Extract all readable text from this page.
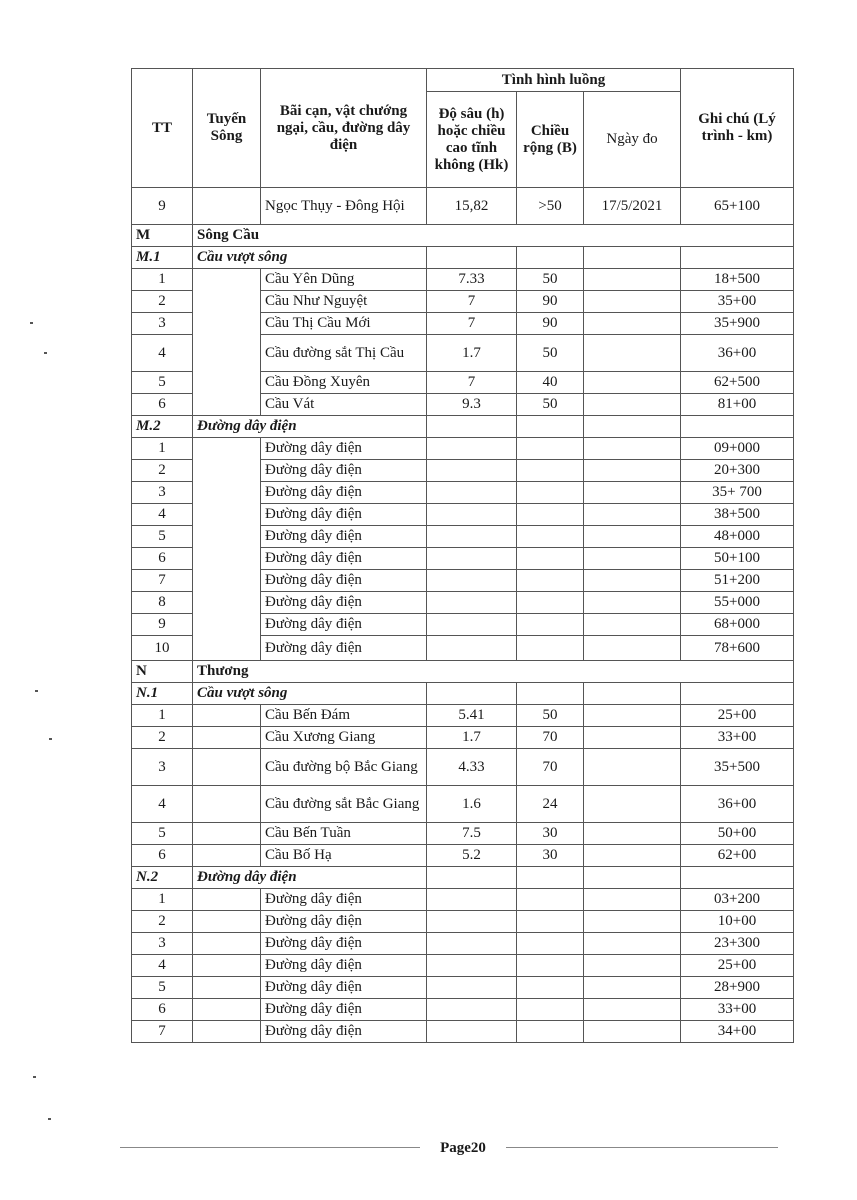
TT	Tuyến Sông	Bãi cạn, vật chướng ngại, cầu, đường dây điện	Tình hình luồng			Ghi chú (Lý trình - km)
			Độ sâu (h) hoặc chiều cao tĩnh không (Hk)	Chiều rộng (B)	Ngày đo	
9		Ngọc Thụy - Đông Hội	15,82	>50	17/5/2021	65+100
M	Sông Cầu					
M.1	Cầu vượt sông					
1		Cầu Yên Dũng	7.33	50		18+500
2		Cầu Như Nguyệt	7	90		35+00
3		Cầu Thị Cầu Mới	7	90		35+900
4		Cầu đường sắt Thị Cầu	1.7	50		36+00
5		Cầu Đồng Xuyên	7	40		62+500
6		Cầu Vát	9.3	50		81+00
M.2	Đường dây điện					
1		Đường dây điện				09+000
2		Đường dây điện				20+300
3		Đường dây điện				35+ 700
4		Đường dây điện				38+500
5		Đường dây điện				48+000
6		Đường dây điện				50+100
7		Đường dây điện				51+200
8		Đường dây điện				55+000
9		Đường dây điện				68+000
10		Đường dây điện				78+600
N	Thương					
N.1	Cầu vượt sông					
1		Cầu Bến Đám	5.41	50		25+00
2		Cầu Xương Giang	1.7	70		33+00
3		Cầu đường bộ Bắc Giang	4.33	70		35+500
4		Cầu đường sắt Bắc Giang	1.6	24		36+00
5		Cầu Bến Tuần	7.5	30		50+00
6		Cầu Bố Hạ	5.2	30		62+00
N.2	Đường dây điện					
1		Đường dây điện				03+200
2		Đường dây điện				10+00
3		Đường dây điện				23+300
4		Đường dây điện				25+00
5		Đường dây điện				28+900
6		Đường dây điện				33+00
7		Đường dây điện				34+00
Page20
